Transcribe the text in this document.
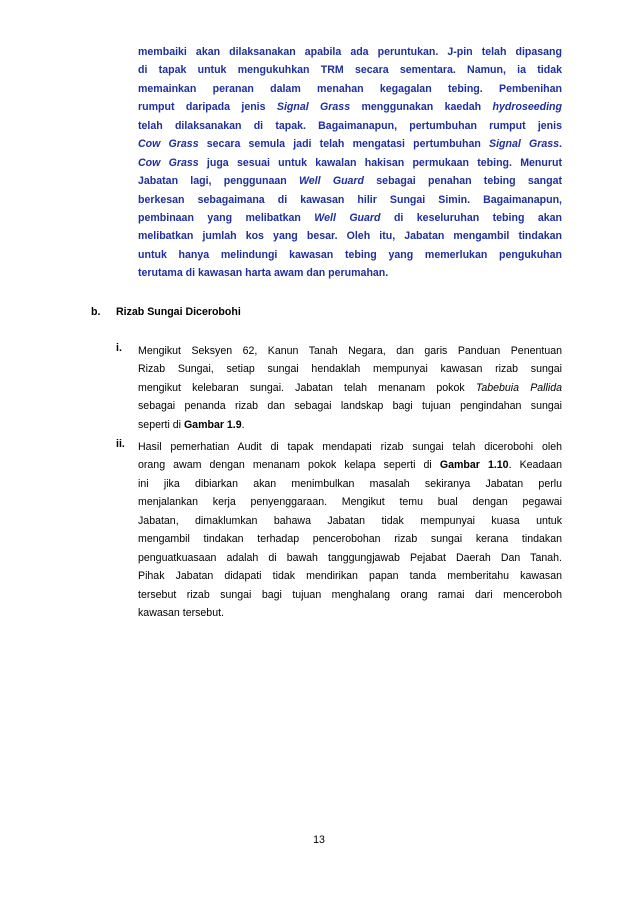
membaiki akan dilaksanakan apabila ada peruntukan. J-pin telah dipasang
di tapak untuk mengukuhkan TRM secara sementara. Namun, ia tidak
memainkan peranan dalam menahan kegagalan tebing. Pembenihan
rumput daripada jenis Signal Grass menggunakan kaedah hydroseeding
telah dilaksanakan di tapak. Bagaimanapun, pertumbuhan rumput jenis
Cow Grass secara semula jadi telah mengatasi pertumbuhan Signal Grass.
Cow Grass juga sesuai untuk kawalan hakisan permukaan tebing. Menurut
Jabatan lagi, penggunaan Well Guard sebagai penahan tebing sangat
berkesan sebagaimana di kawasan hilir Sungai Simin. Bagaimanapun,
pembinaan yang melibatkan Well Guard di keseluruhan tebing akan
melibatkan jumlah kos yang besar. Oleh itu, Jabatan mengambil tindakan
untuk hanya melindungi kawasan tebing yang memerlukan pengukuhan
terutama di kawasan harta awam dan perumahan.
b. Rizab Sungai Dicerobohi
i. Mengikut Seksyen 62, Kanun Tanah Negara, dan garis Panduan Penentuan
Rizab Sungai, setiap sungai hendaklah mempunyai kawasan rizab sungai
mengikut kelebaran sungai. Jabatan telah menanam pokok Tabebuia Pallida
sebagai penanda rizab dan sebagai landskap bagi tujuan pengindahan sungai
seperti di Gambar 1.9.
ii. Hasil pemerhatian Audit di tapak mendapati rizab sungai telah dicerobohi oleh
orang awam dengan menanam pokok kelapa seperti di Gambar 1.10. Keadaan
ini jika dibiarkan akan menimbulkan masalah sekiranya Jabatan perlu
menjalankan kerja penyenggaraan. Mengikut temu bual dengan pegawai
Jabatan, dimaklumkan bahawa Jabatan tidak mempunyai kuasa untuk
mengambil tindakan terhadap pencerobohan rizab sungai kerana tindakan
penguatkuasaan adalah di bawah tanggungjawab Pejabat Daerah Dan Tanah.
Pihak Jabatan didapati tidak mendirikan papan tanda memberitahu kawasan
tersebut rizab sungai bagi tujuan menghalang orang ramai dari menceroboh
kawasan tersebut.
13
